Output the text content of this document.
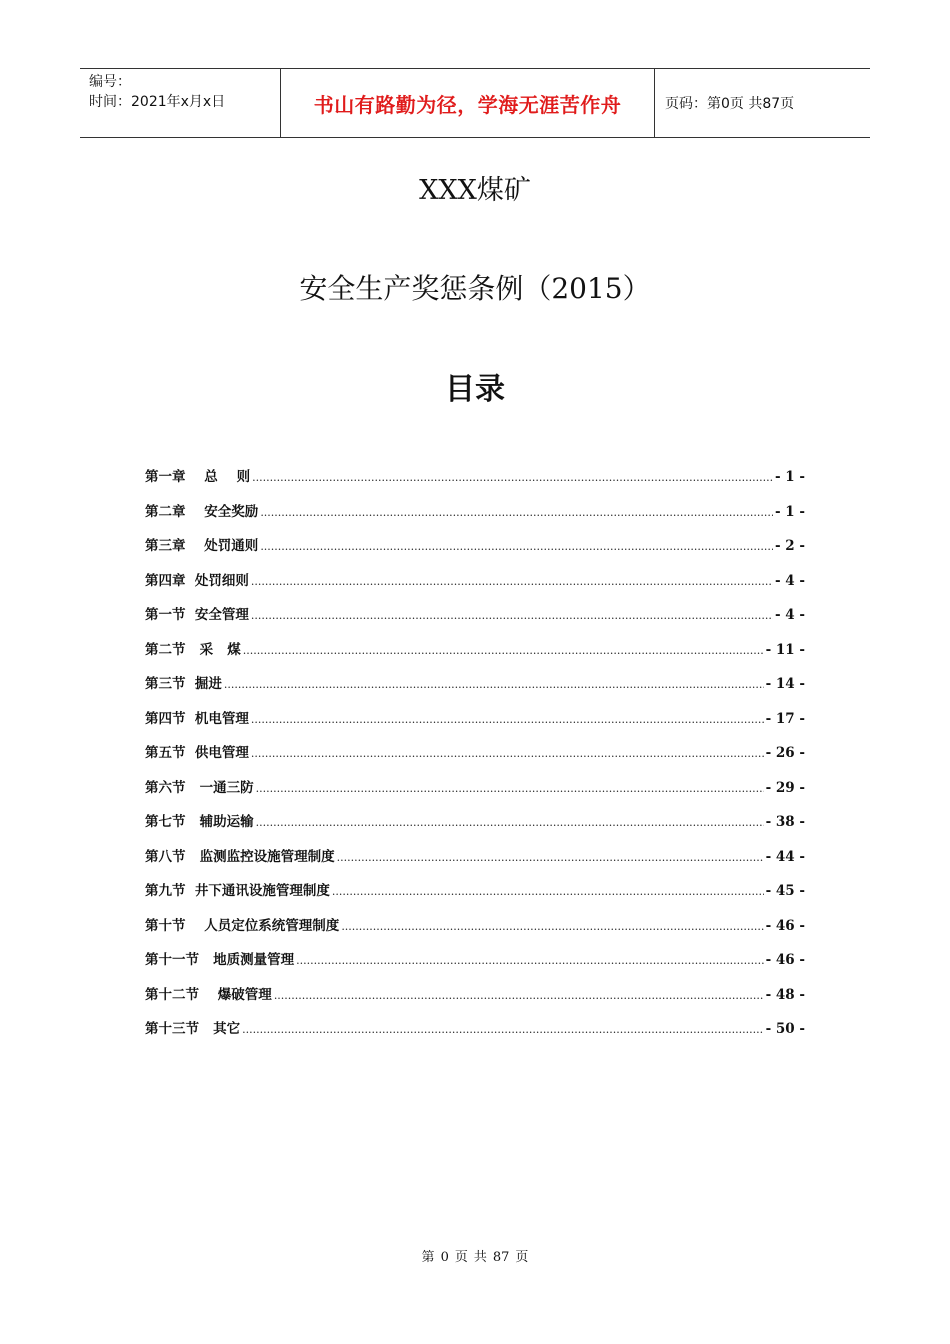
编号：
时间：2021年x月x日	书山有路勤为径，学海无涯苦作舟	页码：第0页 共87页
XXX煤矿
安全生产奖惩条例（2015）
目录
第一章    总    则 .....	- 1 -
第二章    安全奖励 .....	- 1 -
第三章    处罚通则 .....	- 2 -
第四章  处罚细则 .....	- 4 -
第一节  安全管理 .....	- 4 -
第二节   采   煤 .....	- 11 -
第三节  掘进 .....	- 14 -
第四节  机电管理 .....	- 17 -
第五节  供电管理 .....	- 26 -
第六节   一通三防 .....	- 29 -
第七节   辅助运输 .....	- 38 -
第八节   监测监控设施管理制度 .....	- 44 -
第九节  井下通讯设施管理制度 .....	- 45 -
第十节    人员定位系统管理制度 .....	- 46 -
第十一节   地质测量管理 .....	- 46 -
第十二节    爆破管理 .....	- 48 -
第十三节   其它 .....	- 50 -
第 0 页 共 87 页
